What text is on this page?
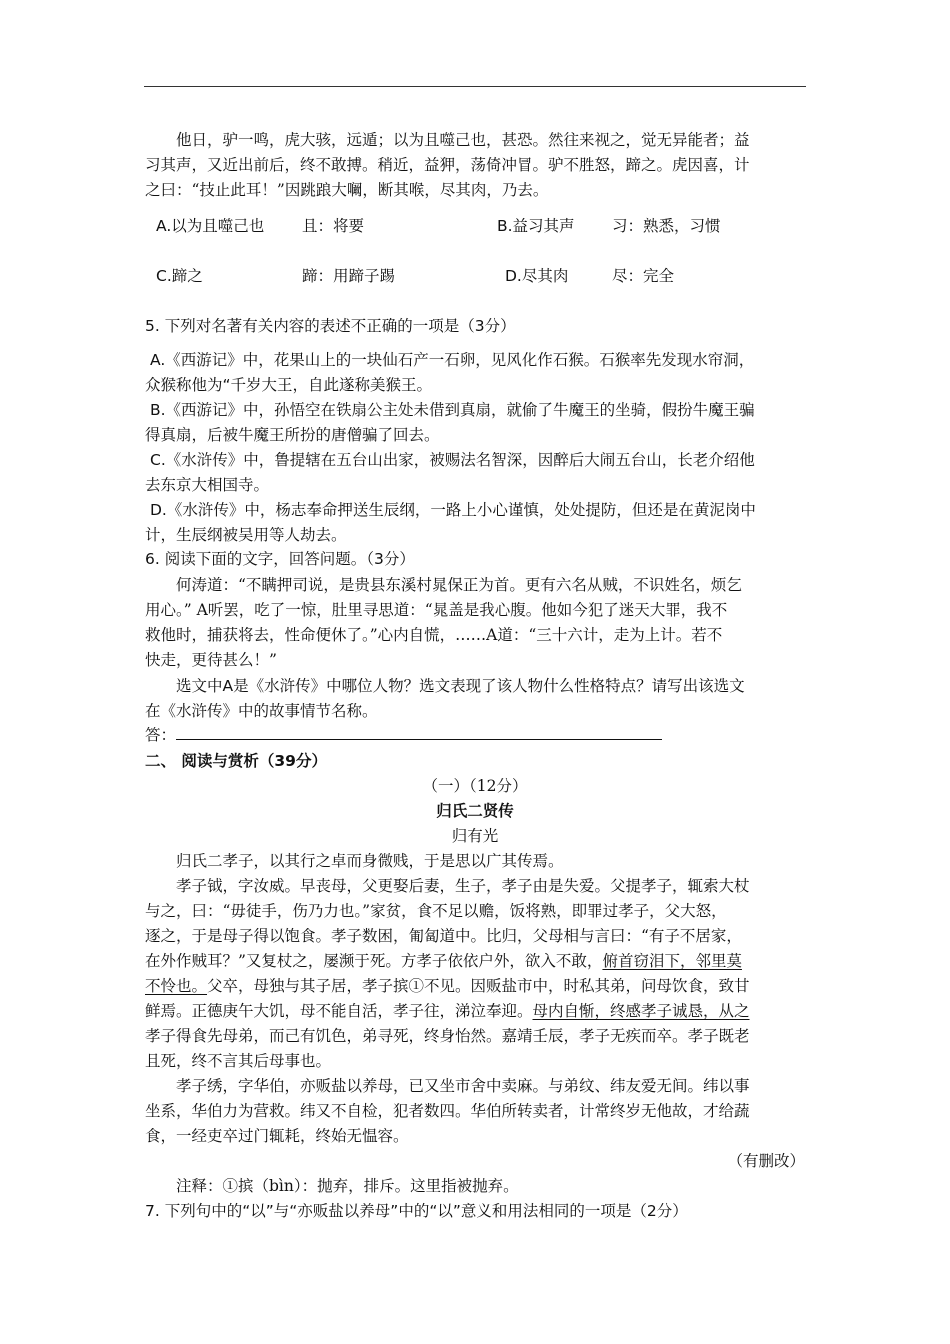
他日，驴一鸣，虎大骇，远遁；以为且噬己也，甚恐。然往来视之，觉无异能者；益
习其声，又近出前后，终不敢搏。稍近，益狎，荡倚冲冒。驴不胜怒，蹄之。虎因喜，计
之曰：“技止此耳！”因跳踉大㘎，断其喉，尽其肉，乃去。
A.以为且噬己也 且：将要	B.益习其声 习：熟悉，习惯
C.蹄之	蹄：用蹄子踢	D.尽其肉	尽：完全
5. 下列对名著有关内容的表述不正确的一项是（3分）
A.《西游记》中，花果山上的一块仙石产一石卵，见风化作石猴。石猴率先发现水帘洞，
众猴称他为“千岁大王，自此遂称美猴王。
B.《西游记》中，孙悟空在铁扇公主处未借到真扇，就偷了牛魔王的坐骑，假扮牛魔王骗
得真扇，后被牛魔王所扮的唐僧骗了回去。
C.《水浒传》中，鲁提辖在五台山出家，被赐法名智深，因醉后大闹五台山，长老介绍他
去东京大相国寺。
D.《水浒传》中，杨志奉命押送生辰纲，一路上小心谨慎，处处提防，但还是在黄泥岗中
计，生辰纲被吴用等人劫去。
6. 阅读下面的文字，回答问题。（3分）
何涛道：“不瞒押司说，是贵县东溪村晁保正为首。更有六名从贼，不识姓名，烦乞
用心。” A听罢，吃了一惊，肚里寻思道：“晁盖是我心腹。他如今犯了迷天大罪，我不
救他时，捕获将去，性命便休了。”心内自慌，……A道：“三十六计，走为上计。若不
快走，更待甚么！”
选文中A是《水浒传》中哪位人物？选文表现了该人物什么性格特点？请写出该选文
在《水浒传》中的故事情节名称。
答：
二、 阅读与赏析（39分）
（一）（12分）
归氏二贤传
归有光
归氏二孝子，以其行之卓而身微贱，于是思以广其传焉。
孝子钺，字汝威。早丧母，父更娶后妻，生子，孝子由是失爱。父提孝子，辄索大杖
与之，曰：“毋徒手，伤乃力也。”家贫，食不足以赡，饭将熟，即罪过孝子，父大怒，
逐之，于是母子得以饱食。孝子数困，匍匐道中。比归，父母相与言曰：“有子不居家，
在外作贼耳？”又复杖之，屡濒于死。方孝子依依户外，欲入不敢，俯首窃泪下，邻里莫
不怜也。父卒，母独与其子居，孝子摈①不见。因贩盐市中，时私其弟，问母饮食，致甘
鲜焉。正德庚午大饥，母不能自活，孝子往，涕泣奉迎。母内自惭，终感孝子诚恳，从之
孝子得食先母弟，而己有饥色，弟寻死，终身怡然。嘉靖壬辰，孝子无疾而卒。孝子既老
且死，终不言其后母事也。
孝子绣，字华伯，亦贩盐以养母，已又坐市舍中卖麻。与弟纹、纬友爱无间。纬以事
坐系，华伯力为营救。纬又不自检，犯者数四。华伯所转卖者，计常终岁无他故，才给蔬
食，一经吏卒过门辄耗，终始无愠容。
（有删改）
注释：①摈（bìn）：抛弃，排斥。这里指被抛弃。
7. 下列句中的“以”与“亦贩盐以养母”中的“以”意义和用法相同的一项是（2分）
